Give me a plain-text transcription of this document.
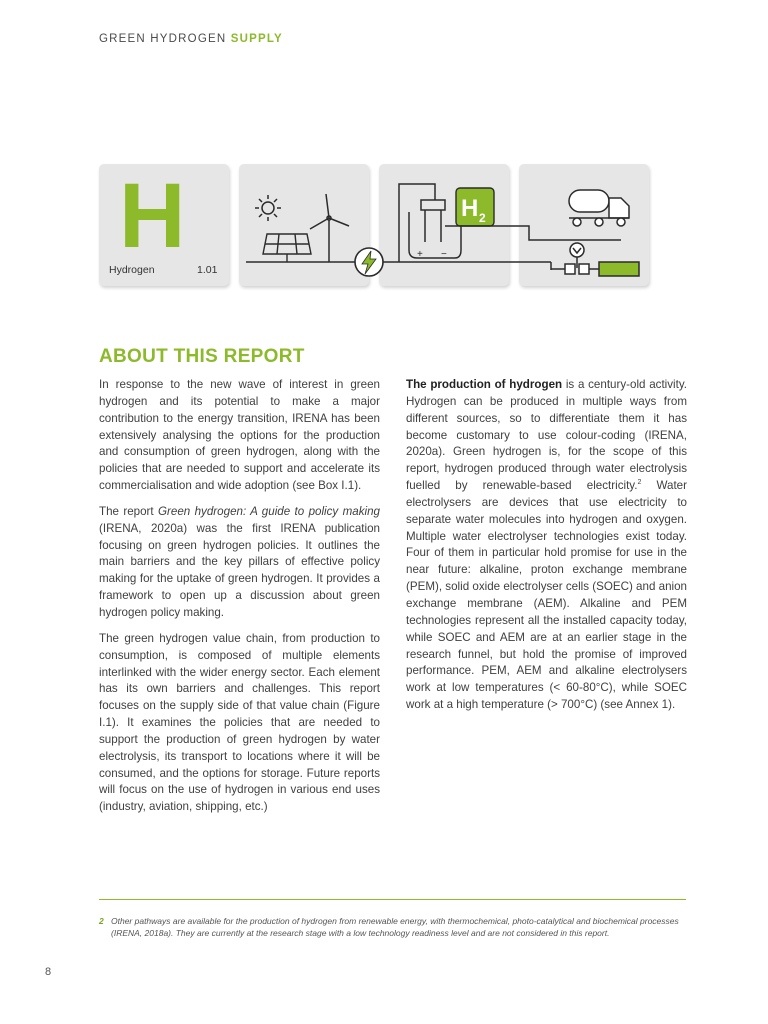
GREEN HYDROGEN SUPPLY
H
Hydrogen	1.01
+ −
H 2
ABOUT THIS REPORT

In response to the new wave of interest in green hydrogen and its potential to make a major contribution to the energy transition, IRENA has been extensively analysing the options for the production and consumption of green hydrogen, along with the policies that are needed to support and accelerate its commercialisation and wide adoption (see Box I.1).

The report Green hydrogen: A guide to policy making (IRENA, 2020a) was the first IRENA publication focusing on green hydrogen policies. It outlines the main barriers and the key pillars of effective policy making for the uptake of green hydrogen. It provides a framework to open up a discussion about green hydrogen policy making.

The green hydrogen value chain, from production to consumption, is composed of multiple elements interlinked with the wider energy sector. Each element has its own barriers and challenges. This report focuses on the supply side of that value chain (Figure I.1). It examines the policies that are needed to support the production of green hydrogen by water electrolysis, its transport to locations where it will be consumed, and the options for storage. Future reports will focus on the use of hydrogen in various end uses (industry, aviation, shipping, etc.)

The production of hydrogen is a century-old activity. Hydrogen can be produced in multiple ways from different sources, so to differentiate them it has become customary to use colour-coding (IRENA, 2020a). Green hydrogen is, for the scope of this report, hydrogen produced through water electrolysis fuelled by renewable-based electricity.$^2$ Water electrolysers are devices that use electricity to separate water molecules into hydrogen and oxygen. Multiple water electrolyser technologies exist today. Four of them in particular hold promise for use in the near future: alkaline, proton exchange membrane (PEM), solid oxide electrolyser cells (SOEC) and anion exchange membrane (AEM). Alkaline and PEM technologies represent all the installed capacity today, while SOEC and AEM are at an earlier stage in the research funnel, but hold the promise of improved performance. PEM, AEM and alkaline electrolysers work at low temperatures (< 60-80°C), while SOEC work at a high temperature (> 700°C) (see Annex 1).

2 Other pathways are available for the production of hydrogen from renewable energy, with thermochemical, photo-catalytical and biochemical processes (IRENA, 2018a). They are currently at the research stage with a low technology readiness level and are not considered in this report.
8
